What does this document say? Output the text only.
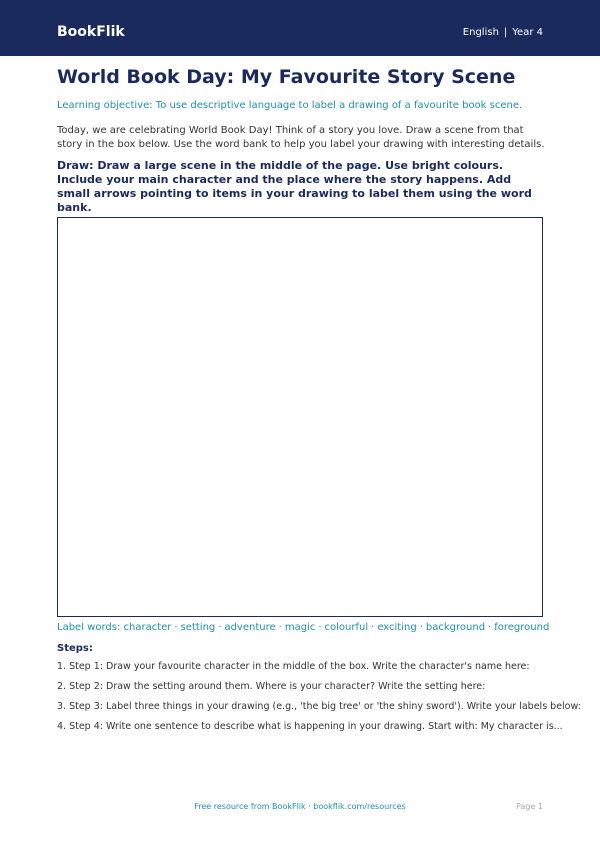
BookFlik	English | Year 4
World Book Day: My Favourite Story Scene
Learning objective: To use descriptive language to label a drawing of a favourite book scene.
Today, we are celebrating World Book Day! Think of a story you love. Draw a scene from that story in the box below. Use the word bank to help you label your drawing with interesting details.
Draw: Draw a large scene in the middle of the page. Use bright colours. Include your main character and the place where the story happens. Add small arrows pointing to items in your drawing to label them using the word bank.
Label words: character · setting · adventure · magic · colourful · exciting · background · foreground
Steps:
1. Step 1: Draw your favourite character in the middle of the box. Write the character's name here:
2. Step 2: Draw the setting around them. Where is your character? Write the setting here:
3. Step 3: Label three things in your drawing (e.g., 'the big tree' or 'the shiny sword'). Write your labels below:
4. Step 4: Write one sentence to describe what is happening in your drawing. Start with: My character is...
Free resource from BookFlik · bookflik.com/resources	Page 1
